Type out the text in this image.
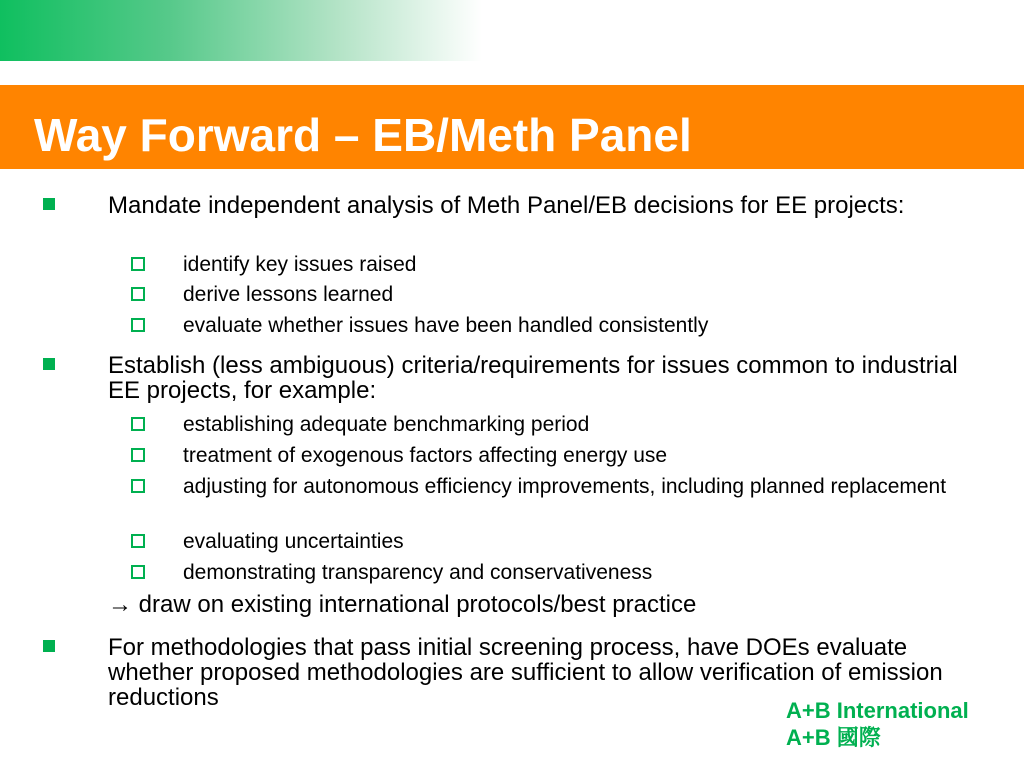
Way Forward – EB/Meth Panel
Mandate independent analysis of Meth Panel/EB decisions for EE projects:
identify key issues raised
derive lessons learned
evaluate whether issues have been handled consistently
Establish (less ambiguous) criteria/requirements for issues common to industrial EE projects, for example:
establishing adequate benchmarking period
treatment of exogenous factors affecting energy use
adjusting for autonomous efficiency improvements, including planned replacement
evaluating uncertainties
demonstrating transparency and conservativeness
→ draw on existing international protocols/best practice
For methodologies that pass initial screening process, have DOEs evaluate whether proposed methodologies are sufficient to allow verification of emission reductions	A+B International
A+B 國際
